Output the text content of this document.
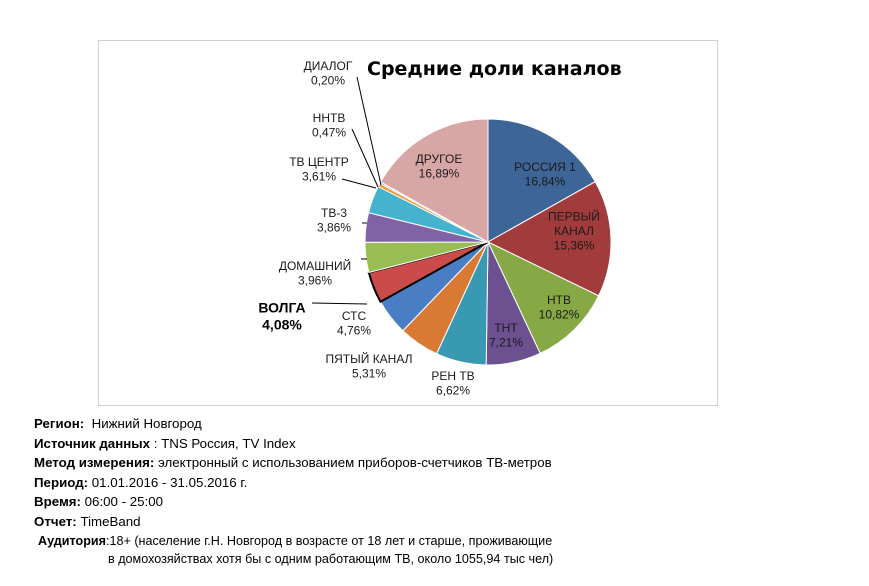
Средние доли каналов
РОССИЯ 1 16,84%
ПЕРВЫЙ КАНАЛ 15,36%
НТВ 10,82%
ТНТ 7,21%
РЕН ТВ 6,62%
ПЯТЫЙ КАНАЛ 5,31%
СТС 4,76%
ВОЛГА 4,08%
ДОМАШНИЙ 3,96%
ТВ-3 3,86%
ТВ ЦЕНТР 3,61%
ННТВ 0,47%
ДИАЛОГ 0,20%
ДРУГОЕ 16,89%
Регион: Нижний Новгород
Источник данных : TNS Россия, TV Index
Метод измерения: электронный с использованием приборов-счетчиков ТВ-метров
Период: 01.01.2016 - 31.05.2016 г.
Время: 06:00 - 25:00
Отчет: TimeBand
Аудитория:18+ (население г.Н. Новгород в возрасте от 18 лет и старше, проживающие
в домохозяйствах хотя бы с одним работающим ТВ, около 1055,94 тыс чел)
